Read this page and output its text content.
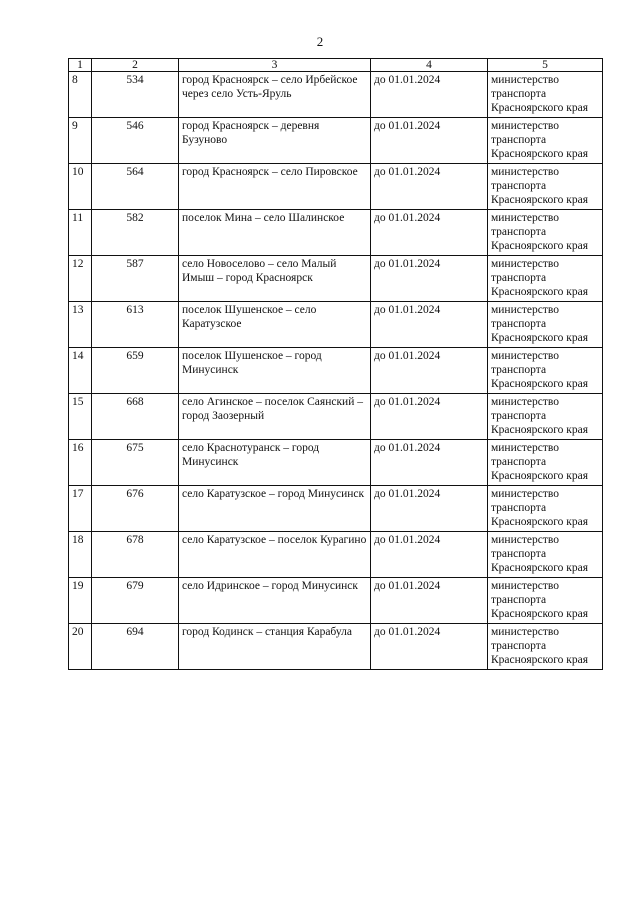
2
1	2	3	4	5
8	534	город Красноярск – село Ирбейское через село Усть-Яруль	до 01.01.2024	министерство транспорта Красноярского края
9	546	город Красноярск – деревня Бузуново	до 01.01.2024	министерство транспорта Красноярского края
10	564	город Красноярск – село Пировское	до 01.01.2024	министерство транспорта Красноярского края
11	582	поселок Мина – село Шалинское	до 01.01.2024	министерство транспорта Красноярского края
12	587	село Новоселово – село Малый Имыш – город Красноярск	до 01.01.2024	министерство транспорта Красноярского края
13	613	поселок Шушенское – село Каратузское	до 01.01.2024	министерство транспорта Красноярского края
14	659	поселок Шушенское – город Минусинск	до 01.01.2024	министерство транспорта Красноярского края
15	668	село Агинское – поселок Саянский – город Заозерный	до 01.01.2024	министерство транспорта Красноярского края
16	675	село Краснотуранск – город Минусинск	до 01.01.2024	министерство транспорта Красноярского края
17	676	село Каратузское – город Минусинск	до 01.01.2024	министерство транспорта Красноярского края
18	678	село Каратузское – поселок Курагино	до 01.01.2024	министерство транспорта Красноярского края
19	679	село Идринское – город Минусинск	до 01.01.2024	министерство транспорта Красноярского края
20	694	город Кодинск – станция Карабула	до 01.01.2024	министерство транспорта Красноярского края
